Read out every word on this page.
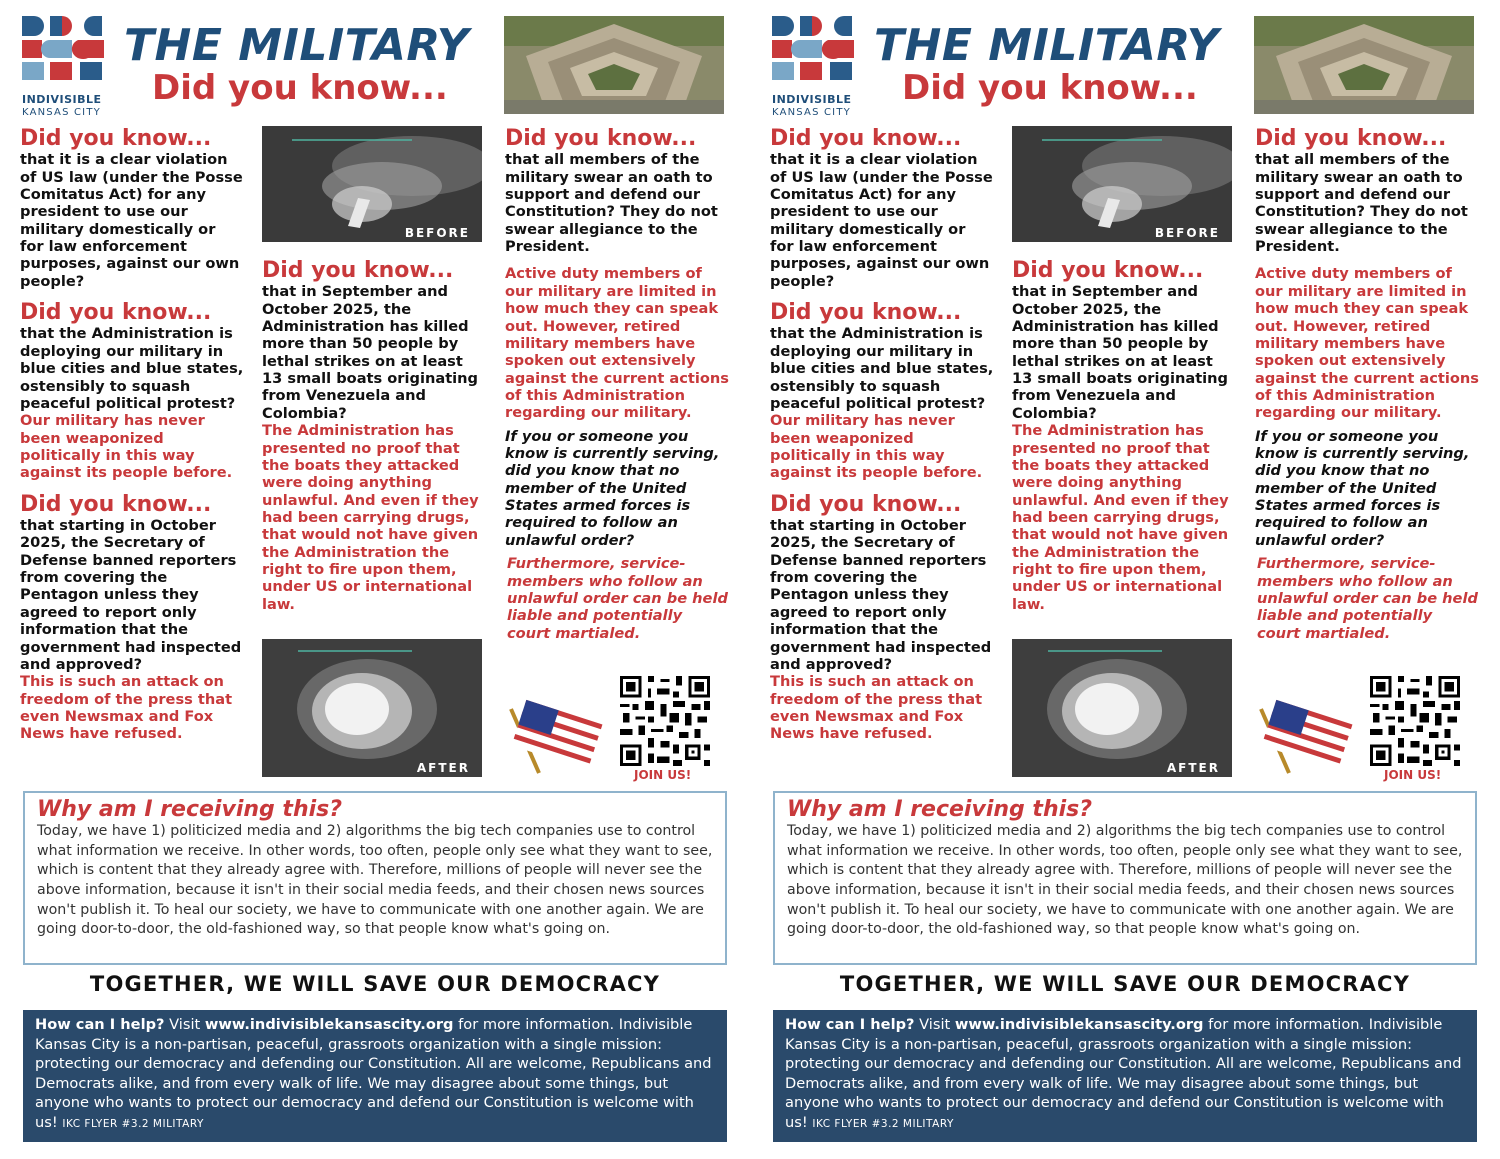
INDIVISIBLE
KANSAS CITY
THE MILITARY
Did you know...
Did you know...
that it is a clear violation of US law (under the Posse Comitatus Act) for any president to use our military domestically or for law enforcement purposes, against our own people?
Did you know...
that the Administration is deploying our military in blue cities and blue states, ostensibly to squash peaceful political protest?
Our military has never been weaponized politically in this way against its people before.
Did you know...
that starting in October 2025, the Secretary of Defense banned reporters from covering the Pentagon unless they agreed to report only information that the government had inspected and approved?
This is such an attack on freedom of the press that even Newsmax and Fox News have refused.
BEFORE
Did you know...
that in September and October 2025, the Administration has killed more than 50 people by lethal strikes on at least 13 small boats originating from Venezuela and Colombia?
The Administration has presented no proof that the boats they attacked were doing anything unlawful. And even if they had been carrying drugs, that would not have given the Administration the right to fire upon them, under US or international law.
AFTER
Did you know...
that all members of the military swear an oath to support and defend our Constitution? They do not swear allegiance to the President.
Active duty members of our military are limited in how much they can speak out. However, retired military members have spoken out extensively against the current actions of this Administration regarding our military.
If you or someone you know is currently serving, did you know that no member of the United States armed forces is required to follow an unlawful order?
Furthermore, service-members who follow an unlawful order can be held liable and potentially court martialed.
JOIN US!
Why am I receiving this?
Today, we have 1) politicized media and 2) algorithms the big tech companies use to control what information we receive. In other words, too often, people only see what they want to see, which is content that they already agree with. Therefore, millions of people will never see the above information, because it isn't in their social media feeds, and their chosen news sources won't publish it. To heal our society, we have to communicate with one another again. We are going door-to-door, the old-fashioned way, so that people know what's going on.
TOGETHER, WE WILL SAVE OUR DEMOCRACY
How can I help? Visit www.indivisiblekansascity.org for more information. Indivisible Kansas City is a non-partisan, peaceful, grassroots organization with a single mission: protecting our democracy and defending our Constitution. All are welcome, Republicans and Democrats alike, and from every walk of life. We may disagree about some things, but anyone who wants to protect our democracy and defend our Constitution is welcome with us! IKC FLYER #3.2 MILITARY
INDIVISIBLE
KANSAS CITY
THE MILITARY
Did you know...
Did you know...
that it is a clear violation of US law (under the Posse Comitatus Act) for any president to use our military domestically or for law enforcement purposes, against our own people?
Did you know...
that the Administration is deploying our military in blue cities and blue states, ostensibly to squash peaceful political protest?
Our military has never been weaponized politically in this way against its people before.
Did you know...
that starting in October 2025, the Secretary of Defense banned reporters from covering the Pentagon unless they agreed to report only information that the government had inspected and approved?
This is such an attack on freedom of the press that even Newsmax and Fox News have refused.
BEFORE
Did you know...
that in September and October 2025, the Administration has killed more than 50 people by lethal strikes on at least 13 small boats originating from Venezuela and Colombia?
The Administration has presented no proof that the boats they attacked were doing anything unlawful. And even if they had been carrying drugs, that would not have given the Administration the right to fire upon them, under US or international law.
AFTER
Did you know...
that all members of the military swear an oath to support and defend our Constitution? They do not swear allegiance to the President.
Active duty members of our military are limited in how much they can speak out. However, retired military members have spoken out extensively against the current actions of this Administration regarding our military.
If you or someone you know is currently serving, did you know that no member of the United States armed forces is required to follow an unlawful order?
Furthermore, service-members who follow an unlawful order can be held liable and potentially court martialed.
JOIN US!
Why am I receiving this?
Today, we have 1) politicized media and 2) algorithms the big tech companies use to control what information we receive. In other words, too often, people only see what they want to see, which is content that they already agree with. Therefore, millions of people will never see the above information, because it isn't in their social media feeds, and their chosen news sources won't publish it. To heal our society, we have to communicate with one another again. We are going door-to-door, the old-fashioned way, so that people know what's going on.
TOGETHER, WE WILL SAVE OUR DEMOCRACY
How can I help? Visit www.indivisiblekansascity.org for more information. Indivisible Kansas City is a non-partisan, peaceful, grassroots organization with a single mission: protecting our democracy and defending our Constitution. All are welcome, Republicans and Democrats alike, and from every walk of life. We may disagree about some things, but anyone who wants to protect our democracy and defend our Constitution is welcome with us! IKC FLYER #3.2 MILITARY
